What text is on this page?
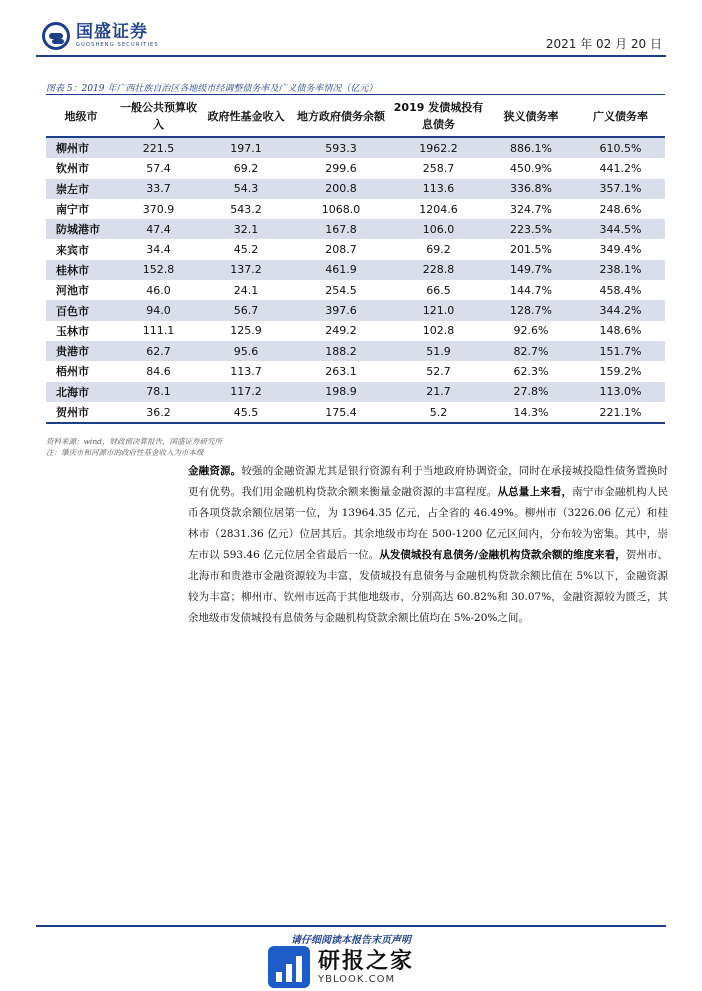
国盛证券
GUOSHENG SECURITIES	2021 年 02 月 20 日
图表 5：2019 年广西壮族自治区各地级市经调整债务率及广义债务率情况（亿元）
地级市	一般公共预算收入	政府性基金收入	地方政府债务余额	2019 发债城投有息债务	狭义债务率	广义债务率
柳州市	221.5	197.1	593.3	1962.2	886.1%	610.5%
钦州市	57.4	69.2	299.6	258.7	450.9%	441.2%
崇左市	33.7	54.3	200.8	113.6	336.8%	357.1%
南宁市	370.9	543.2	1068.0	1204.6	324.7%	248.6%
防城港市	47.4	32.1	167.8	106.0	223.5%	344.5%
来宾市	34.4	45.2	208.7	69.2	201.5%	349.4%
桂林市	152.8	137.2	461.9	228.8	149.7%	238.1%
河池市	46.0	24.1	254.5	66.5	144.7%	458.4%
百色市	94.0	56.7	397.6	121.0	128.7%	344.2%
玉林市	111.1	125.9	249.2	102.8	92.6%	148.6%
贵港市	62.7	95.6	188.2	51.9	82.7%	151.7%
梧州市	84.6	113.7	263.1	52.7	62.3%	159.2%
北海市	78.1	117.2	198.9	21.7	27.8%	113.0%
贺州市	36.2	45.5	175.4	5.2	14.3%	221.1%
资料来源：wind，财政预决算报告，国盛证券研究所
注：肇庆市和河源市的政府性基金收入为市本级
金融资源。较强的金融资源尤其是银行资源有利于当地政府协调资金，同时在承接城投隐性债务置换时更有优势。我们用金融机构贷款余额来衡量金融资源的丰富程度。从总量上来看，南宁市金融机构人民币各项贷款余额位居第一位，为 13964.35 亿元，占全省的 46.49%。柳州市（3226.06 亿元）和桂林市（2831.36 亿元）位居其后。其余地级市均在 500-1200 亿元区间内，分布较为密集。其中，崇左市以 593.46 亿元位居全省最后一位。从发债城投有息债务/金融机构贷款余额的维度来看，贺州市、北海市和贵港市金融资源较为丰富，发债城投有息债务与金融机构贷款余额比值在 5%以下，金融资源较为丰富；柳州市、钦州市远高于其他地级市，分别高达 60.82%和 30.07%，金融资源较为匮乏，其余地级市发债城投有息债务与金融机构贷款余额比值均在 5%-20%之间。
请仔细阅读本报告末页声明
研报之家
YBLOOK.COM
